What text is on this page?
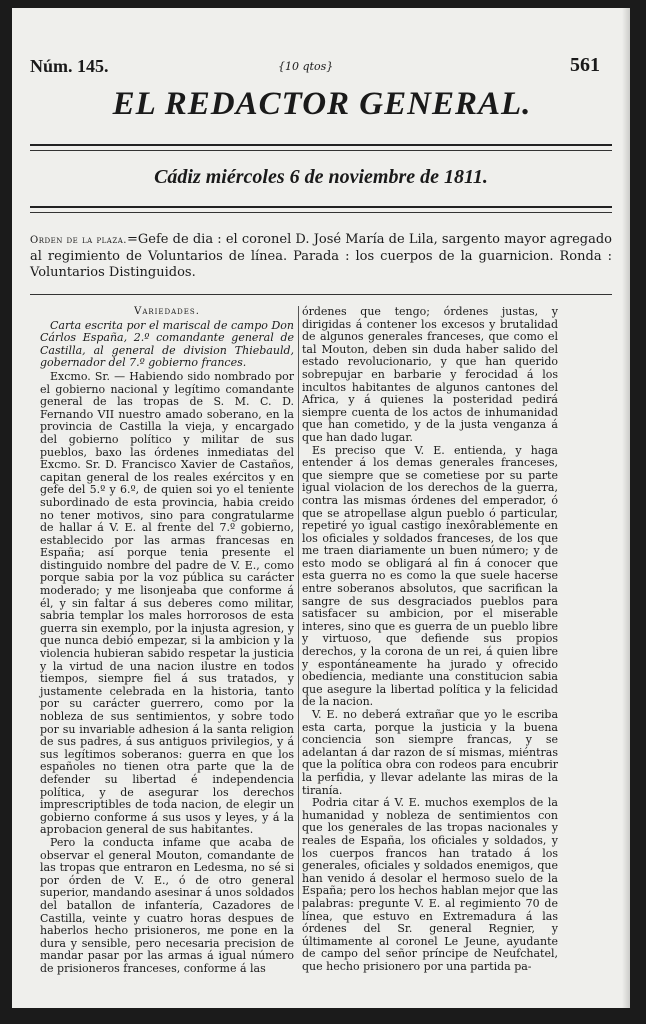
Núm. 145.	{10 qtos}	561
EL REDACTOR GENERAL.
Cádiz miércoles 6 de noviembre de 1811.
Orden de la plaza.=Gefe de dia : el coronel D. José María de Lila, sargento mayor agregado al regimiento de Voluntarios de línea. Parada : los cuerpos de la guarnicion. Ronda : Voluntarios Distinguidos.

Variedades.

Carta escrita por el mariscal de campo Don Cárlos España, 2.º comandante general de Castilla, al general de division Thiebauld, gobernador del 7.º gobierno frances.

Excmo. Sr. — Habiendo sido nombrado por el gobierno nacional y legítimo comandante general de las tropas de S. M. C. D. Fernando VII nuestro amado soberano, en la provincia de Castilla la vieja, y encargado del gobierno político y militar de sus pueblos, baxo las órdenes inmediatas del Excmo. Sr. D. Francisco Xavier de Castaños, capitan general de los reales exércitos y en gefe del 5.º y 6.º, de quien soi yo el teniente subordinado de esta provincia, habia creido no tener motivos, sino para congratularme de hallar á V. E. al frente del 7.º gobierno, establecido por las armas francesas en España; así porque tenia presente el distinguido nombre del padre de V. E., como porque sabia por la voz pública su carácter moderado; y me lisonjeaba que conforme á él, y sin faltar á sus deberes como militar, sabria templar los males horrorosos de esta guerra sin exemplo, por la injusta agresion, y que nunca debió empezar, si la ambicion y la violencia hubieran sabido respetar la justicia y la virtud de una nacion ilustre en todos tiempos, siempre fiel á sus tratados, y justamente celebrada en la historia, tanto por su carácter guerrero, como por la nobleza de sus sentimientos, y sobre todo por su invariable adhesion á la santa religion de sus padres, á sus antiguos privilegios, y á sus legítimos soberanos: guerra en que los españoles no tienen otra parte que la de defender su libertad é independencia política, y de asegurar los derechos imprescriptibles de toda nacion, de elegir un gobierno conforme á sus usos y leyes, y á la aprobacion general de sus habitantes.

Pero la conducta infame que acaba de observar el general Mouton, comandante de las tropas que entraron en Ledesma, no sé si por órden de V. E., ó de otro general superior, mandando asesinar á unos soldados del batallon de infantería, Cazadores de Castilla, veinte y cuatro horas despues de haberlos hecho prisioneros, me pone en la dura y sensible, pero necesaria precision de mandar pasar por las armas á igual número de prisioneros franceses, conforme á las

órdenes que tengo; órdenes justas, y dirigidas á contener los excesos y brutalidad de algunos generales franceses, que como el tal Mouton, deben sin duda haber salido del estado revolucionario, y que han querido sobrepujar en barbarie y ferocidad á los incultos habitantes de algunos cantones del Africa, y á quienes la posteridad pedirá siempre cuenta de los actos de inhumanidad que han cometido, y de la justa venganza á que han dado lugar.

Es preciso que V. E. entienda, y haga entender á los demas generales franceses, que siempre que se cometiese por su parte igual violacion de los derechos de la guerra, contra las mismas órdenes del emperador, ó que se atropellase algun pueblo ó particular, repetiré yo igual castigo inexôrablemente en los oficiales y soldados franceses, de los que me traen diariamente un buen número; y de esto modo se obligará al fin á conocer que esta guerra no es como la que suele hacerse entre soberanos absolutos, que sacrifican la sangre de sus desgraciados pueblos para satisfacer su ambicion, por el miserable interes, sino que es guerra de un pueblo libre y virtuoso, que defiende sus propios derechos, y la corona de un rei, á quien libre y espontáneamente ha jurado y ofrecido obediencia, mediante una constitucion sabia que asegure la libertad política y la felicidad de la nacion.

V. E. no deberá extrañar que yo le escriba esta carta, porque la justicia y la buena conciencia son siempre francas, y se adelantan á dar razon de sí mismas, miéntras que la política obra con rodeos para encubrir la perfidia, y llevar adelante las miras de la tiranía.

Podria citar á V. E. muchos exemplos de la humanidad y nobleza de sentimientos con que los generales de las tropas nacionales y reales de España, los oficiales y soldados, y los cuerpos francos han tratado á los generales, oficiales y soldados enemigos, que han venido á desolar el hermoso suelo de la España; pero los hechos hablan mejor que las palabras: pregunte V. E. al regimiento 70 de línea, que estuvo en Extremadura á las órdenes del Sr. general Regnier, y últimamente al coronel Le Jeune, ayudante de campo del señor príncipe de Neufchatel, que hecho prisionero por una partida pa-
